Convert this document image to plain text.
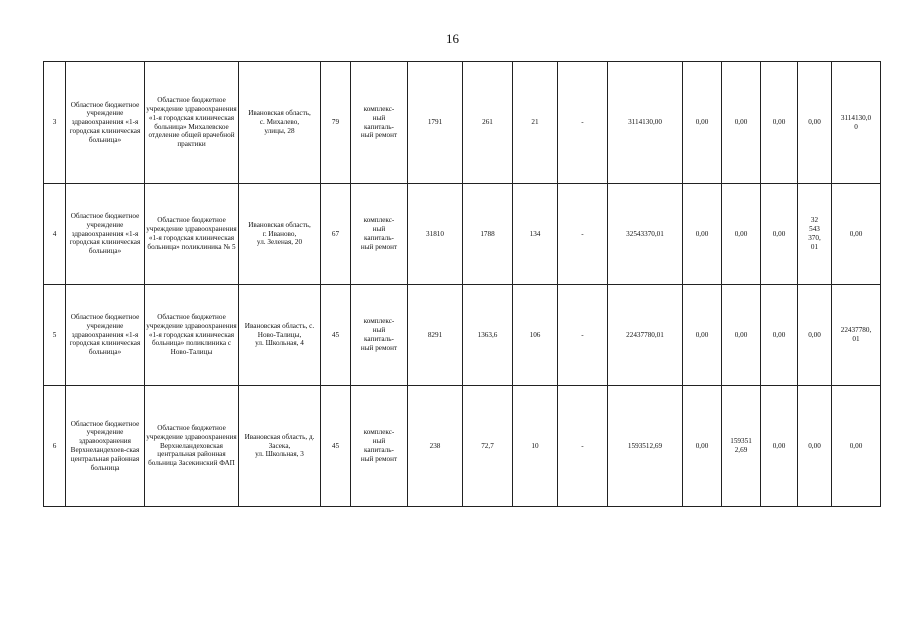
16
3	Областное бюджетное учреждение здравоохранения «1-я городская клиническая больница»	Областное бюджетное учреждение здравоохранения «1-я городская клиническая больница» Михалевское отделение общей врачебной практики	Ивановская область,
с. Михалево,
улицы, 28	79	комплекс-
ный
капиталь-
ный ремонт	1791	261	21	-	3114130,00	0,00	0,00	0,00	0,00	3114130,0
0
4	Областное бюджетное учреждение здравоохранения «1-я городская клиническая больница»	Областное бюджетное учреждение здравоохранения «1-я городская клиническая больница» поликлиника № 5	Ивановская область,
г. Иваново,
ул. Зеленая, 20	67	комплекс-
ный
капиталь-
ный ремонт	31810	1788	134	-	32543370,01	0,00	0,00	0,00	32
543
370,
01	0,00
5	Областное бюджетное учреждение здравоохранения «1-я городская клиническая больница»	Областное бюджетное учреждение здравоохранения «1-я городская клиническая больница» поликлиника с Ново-Талицы	Ивановская область, с. Ново-Талицы,
ул. Школьная, 4	45	комплекс-
ный
капиталь-
ный ремонт	8291	1363,6	106	-	22437780,01	0,00	0,00	0,00	0,00	22437780,
01
6	Областное бюджетное учреждение здравоохранения Верхнеландехоев-ская центральная районная больница	Областное бюджетное учреждение здравоохранения Верхнеландеховская центральная районная больница Засекинский ФАП	Ивановская область, д. Засека,
ул. Школьная, 3	45	комплекс-
ный
капиталь-
ный ремонт	238	72,7	10	-	1593512,69	0,00	159351
2,69	0,00	0,00	0,00
